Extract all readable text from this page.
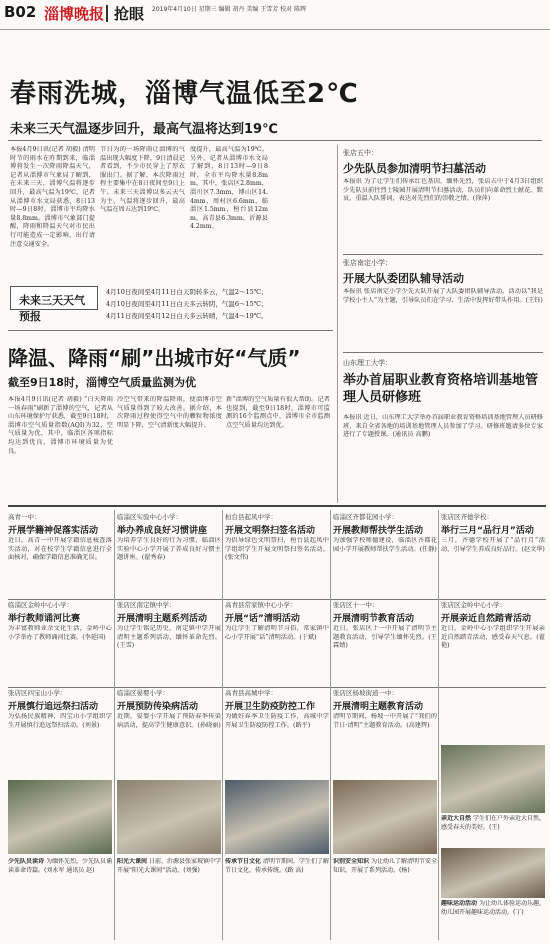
B02 淄博晚报 抢眼 2019年4月10日 星期三 编辑 胡丹 美编 王雪芳 校对 陈辉
春雨洗城，淄博气温低至2℃
未来三天气温逐步回升，最高气温将达到19℃
本报4月9日讯(记者 胡毅) 清明时节的雨水在昨期到来，临淄博将发生一次降雨降温天气，记者从淄博市气象局了解到，在未来三天，淄博气温将逐步回升，最高气温为19℃，记者从淄博市水文局获悉，8日13时—9日8时，淄博市平均降水量8.8mm。淄博市气象部门提醒，降雨和降温天气对市民出行可能造成一定影响，出行请注意交通安全。
节日为的一场降雨让淄博的气温出现大幅度下降，9日清晨记者看到，不少市民穿上了厚衣服出门。据了解，本次降雨过程主要集中在8日夜间至9日上午。未来三天淄博以多云天气为主，气温将逐步回升，最高气温在周五达到19℃。
度提升，最高气温为19℃。另外，记者从淄博市水文局了解到，8日13时—9日8时，全市平均降水量8.8mm，其中，张店区2.8mm，淄川区7.3mm，博山区14.4mm，周村区6.6mm，临淄区1.5mm，桓台县12mm，高青县6.3mm，沂源县4.2mm。
未来三天天气预报
4月10日夜间至4月11日白天阴转多云，气温2～15℃；
4月10日夜间至4月11日白天多云转阴，气温6～15℃；
4月11日夜间至4月12日白天多云转晴，气温4～19℃。
降温、降雨“刷”出城市好“气质”
截至9日18时，淄博空气质量监测为优
本报4月9日讯(记者 胡毅) “白天降雨一场春雨”刷新了淄博的空气，记者从山东环境保护厅获悉，截至9日18时，淄博市空气质量指数(AQI)为32，空气质量为优，其中，临淄区各项指标均达到优良，淄博市环境质量为优良。
冷空气带来的降温降雨，使淄博市空气质量得到了较大改善。据介绍，本次降雨过程使得空气中的颗粒物浓度明显下降，空气清新度大幅提升。
新”淄博的空气质量有很大帮助。记者也提到，截至9日18时，淄博市可监测的16个监测点中，淄博市全市监测点空气质量均达到优。
张店五中：
少先队员参加清明节扫墓活动
本报讯 为了让学生们传承红色基因，缅怀先烈，张店五中于4月3日组织少先队员前往烈士陵园开展清明节扫墓活动，队员们向革命烈士献花、默哀，重温入队誓词，表达对先烈们的崇敬之情。(徐萍)
张店南定小学：
开展大队委团队辅导活动
本报讯 张店南定小学少先大队开展了大队委团队辅导活动，活动以“我是学校小主人”为主题，引导队员们在学习、生活中发挥好带头作用。(王钰)
山东理工大学：
举办首届职业教育资格培训基地管理人员研修班
本报讯 近日，山东理工大学举办首届职业教育资格培训基地管理人员研修班，来自全省各地的培训基地管理人员参加了学习。研修班邀请多位专家进行了专题授课。(通讯员 高鹏)
高青一中：
开展学籍神促落实活动
近日，高青一中开展学籍信息核查落实活动，对在校学生学籍信息进行全面核对，确保学籍信息准确无误。
临淄区实验中心小学：
举办养成良好习惯讲座
为培养学生良好的行为习惯，临淄区实验中心小学开展了养成良好习惯主题讲座。(翟秀春)
桓台县起凤中学：
开展文明祭扫签名活动
为倡导绿色文明祭扫，桓台县起凤中学组织学生开展文明祭扫签名活动。(张文伟)
临淄区齐都花园小学：
开展教师帮扶学生活动
为加强学校师德建设，临淄区齐都花园小学开展教师帮扶学生活动。(任静)
张店区齐德学校：
举行三月“品行月”活动
三月，齐德学校开展了“品行月”活动，引导学生养成良好品行。(赵文华)
临淄区金岭中心小学：
举行教师诵河比赛
为丰富教师业余文化生活，金岭中心小学举办了教师诵河比赛。(李延国)
张店区南定镇中学：
开展清明主题系列活动
为让学生铭记历史，南定镇中学开展清明主题系列活动，缅怀革命先烈。(王雪)
高青县常家镇中心小学：
开展“话”清明活动
为让学生了解清明节习俗，常家镇中心小学开展“话”清明活动。(于斌)
张店区十一中：
开展清明节教育活动
近日，张店区十一中开展了清明节主题教育活动，引导学生缅怀先烈。(王霖婧)
张店区金岭中心小学：
开展亲近自然踏青活动
近日，金岭中心小学组织学生开展亲近自然踏青活动，感受春天气息。(翟艳)
张店区四宝山小学：
开展慎行追远祭扫活动
为弘扬民族精神，四宝山小学组织学生开展慎行追远祭扫活动。(刘景)
临淄区晏婴小学：
开展预防传染病活动
近期，晏婴小学开展了预防春季传染病活动，提高学生健康意识。(孙晓丽)
高青县高城中学：
开展卫生防疫防控工作
为做好春季卫生防疫工作，高城中学开展卫生防疫防控工作。(路平)
张店区杨坡街道一中：
开展清明主题教育活动
清明节期间，杨坡一中开展了“我们的节日·清明”主题教育活动。(高建辉)
少先队员读诗 为缅怀先烈，少先队员诵读革命诗篇。(刘永军 通讯员 赵)
阳光大课间 日前，沂源县张家坡镇中学开展“阳光大课间”活动。(刘强)
传承节日文化 清明节期间，学生们了解节日文化、传承传统。(路 高)
识别安全知识 为让幼儿了解清明节安全知识，开展了系列活动。(杨)
亲近大自然 学生们在户外亲近大自然，感受春天的美好。(王)
趣味运动活动 为让幼儿体验运动乐趣，幼儿园开展趣味运动活动。(丁)
